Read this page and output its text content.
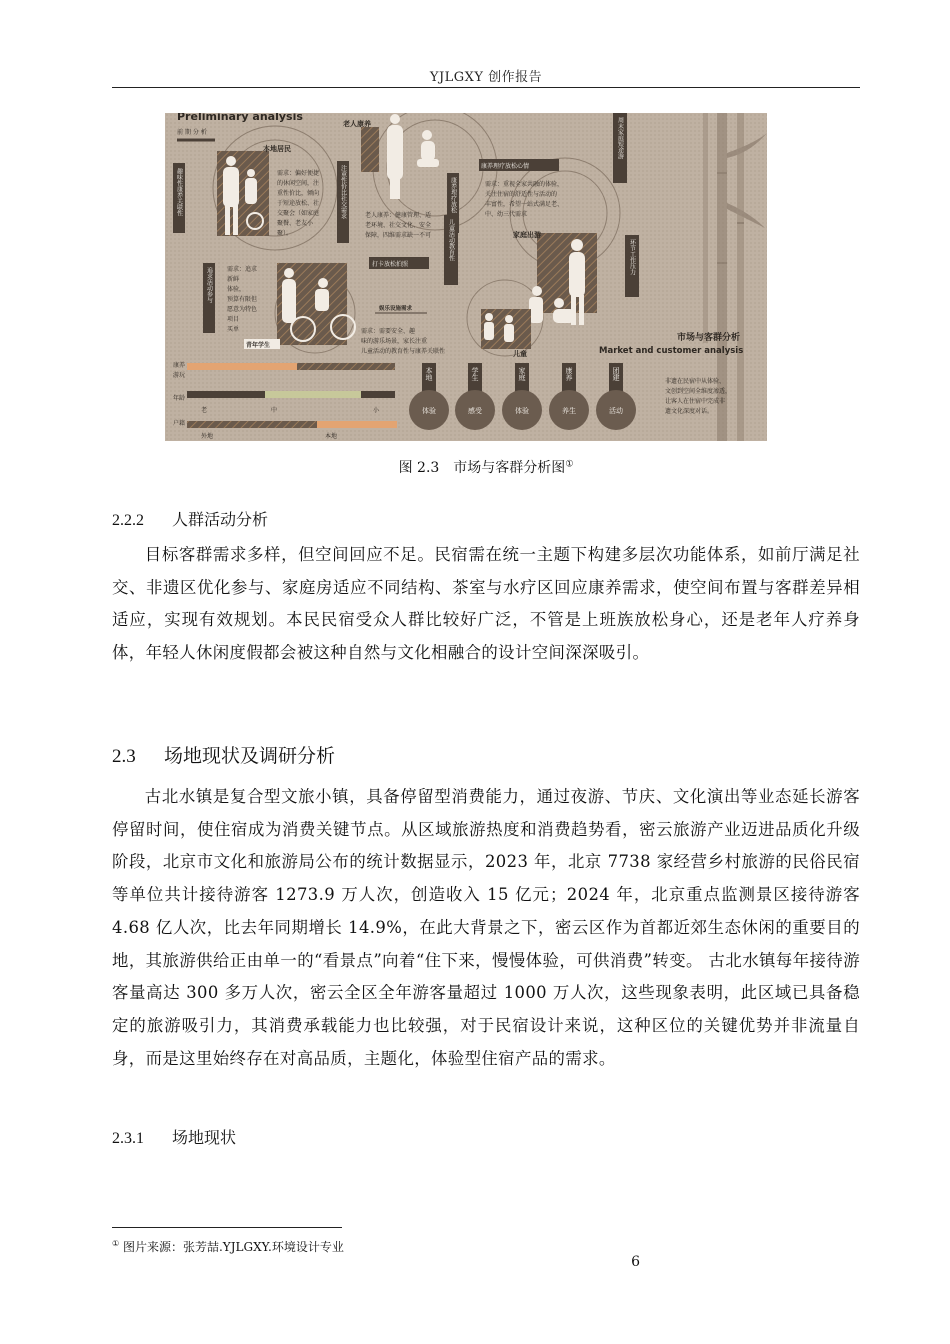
YJLGXY 创作报告
Preliminary analysis
前 期 分 析
本地居民
需求：偏好便捷
的休闲空间，注
重性价比，倾向
于短途放松、社
交聚会（如家庭
聚餐、老友小
聚）。
趣味性康养关联性	注重性价比社交需求
老人康养
老人康养：健康管理、适
老环境、社交文化、安全
保障，四维需求缺一不可
康养理疗放松
康养理疗放松心情
需求：重视全家共融的体验，
关注住宿的舒适性与活动的
丰富性，希望一站式满足老、
中、幼三代需求
周末家庭短途游
家庭出游
环节工作压力
儿童活动教育性
儿童
打卡放松拍照
追求活动参与 需求：追求
新鲜
体验，
预算有限但
愿意为特色
项目
买单
青年学生
娱乐设施需求
需求：需要安全、趣
味的游乐场景，家长注重
儿童活动的教育性与康养关联性
市场与客群分析
Market and customer analysis
非遗在民宿中从体验、
文创到空间全维度渗透，
让客人在住宿中完成非
遗文化深度对话。
康养
游玩
年龄
老	中	小
户籍
外地	本地
本地
体验
学生
感受
家庭
体验
康养
养生
团建
活动
图 2.3　市场与客群分析图①
2.2.2 人群活动分析

目标客群需求多样，但空间回应不足。民宿需在统一主题下构建多层次功能体系，如前厅满足社交、非遗区优化参与、家庭房适应不同结构、茶室与水疗区回应康养需求，使空间布置与客群差异相适应，实现有效规划。本民民宿受众人群比较好广泛，不管是上班族放松身心，还是老年人疗养身体，年轻人休闲度假都会被这种自然与文化相融合的设计空间深深吸引。

2.3 场地现状及调研分析

古北水镇是复合型文旅小镇，具备停留型消费能力，通过夜游、节庆、文化演出等业态延长游客停留时间，使住宿成为消费关键节点。从区域旅游热度和消费趋势看，密云旅游产业迈进品质化升级阶段，北京市文化和旅游局公布的统计数据显示，2023 年，北京 7738 家经营乡村旅游的民俗民宿等单位共计接待游客 1273.9 万人次，创造收入 15 亿元；2024 年，北京重点监测景区接待游客 4.68 亿人次，比去年同期增长 14.9%，在此大背景之下，密云区作为首都近郊生态休闲的重要目的地，其旅游供给正由单一的“看景点”向着“住下来，慢慢体验，可供消费”转变。 古北水镇每年接待游客量高达 300 多万人次，密云全区全年游客量超过 1000 万人次，这些现象表明，此区域已具备稳定的旅游吸引力，其消费承载能力也比较强，对于民宿设计来说，这种区位的关键优势并非流量自身，而是这里始终存在对高品质，主题化，体验型住宿产品的需求。

2.3.1 场地现状
① 图片来源：张芳喆.YJLGXY.环境设计专业
6
